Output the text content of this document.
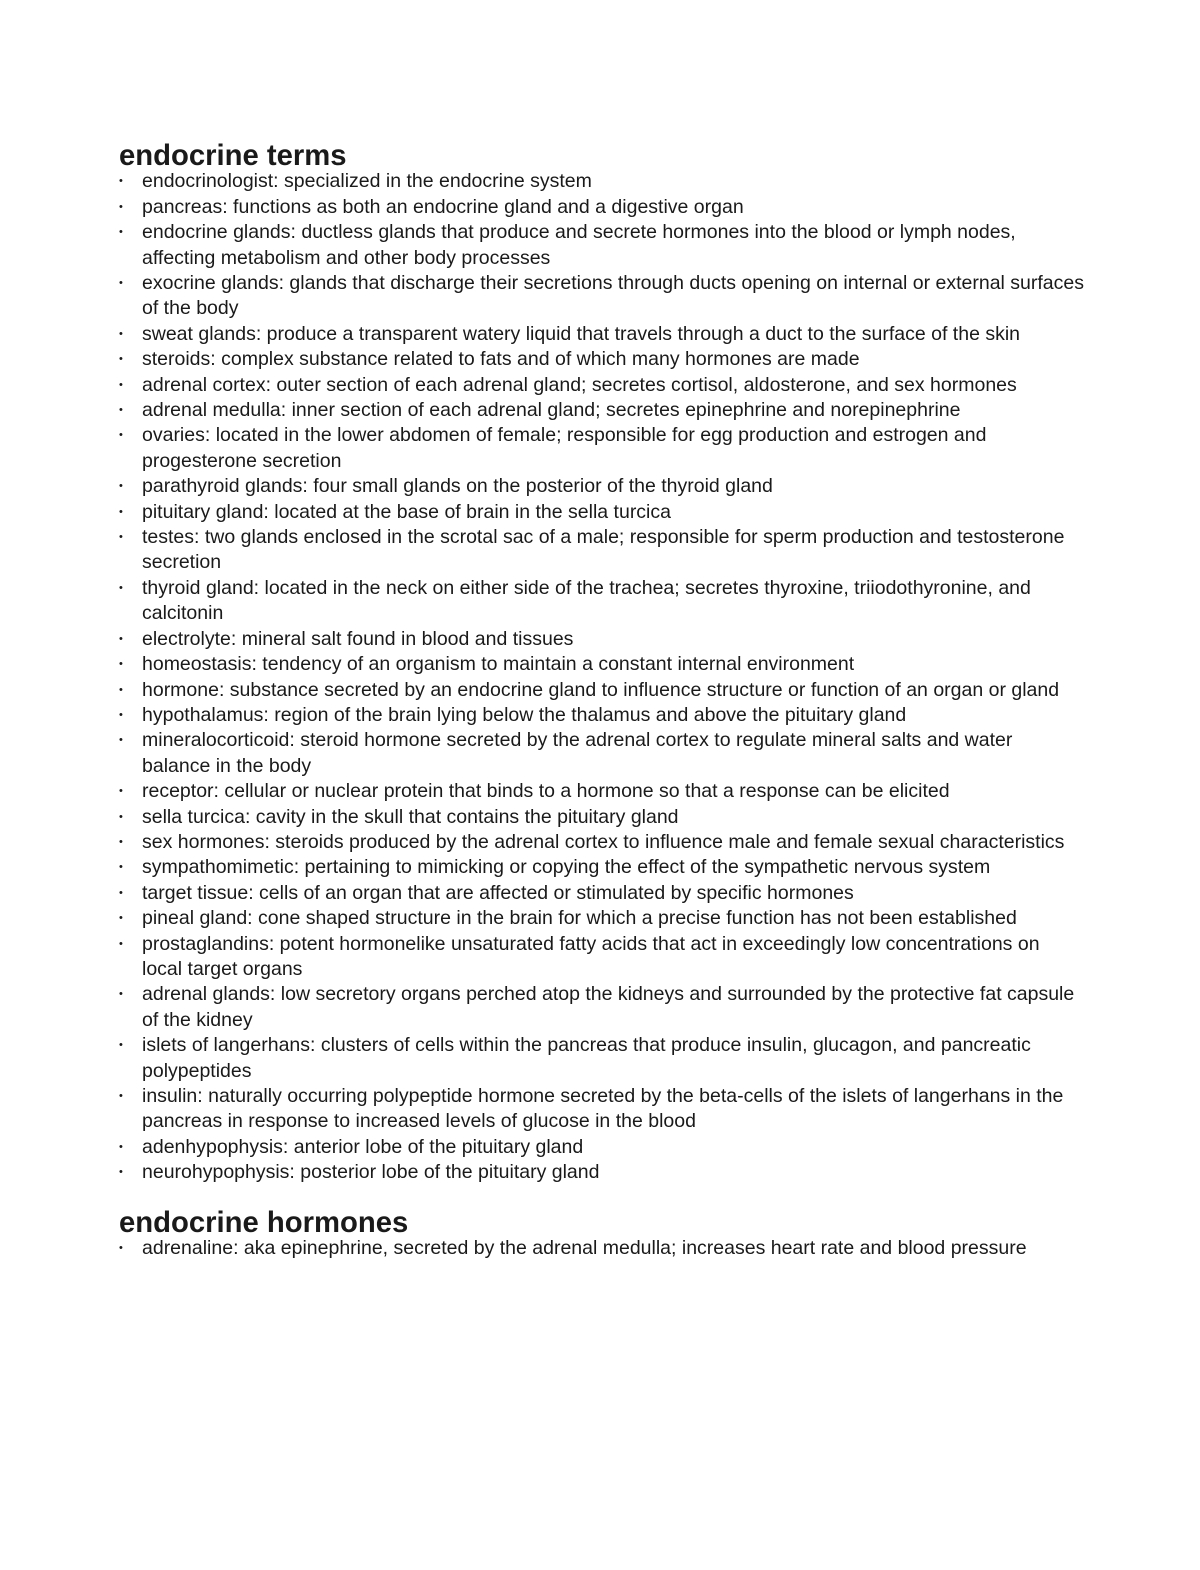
endocrine terms
• endocrinologist: specialized in the endocrine system
• pancreas: functions as both an endocrine gland and a digestive organ
• endocrine glands: ductless glands that produce and secrete hormones into the blood or lymph nodes, affecting metabolism and other body processes
• exocrine glands: glands that discharge their secretions through ducts opening on internal or external surfaces of the body
• sweat glands: produce a transparent watery liquid that travels through a duct to the surface of the skin
• steroids: complex substance related to fats and of which many hormones are made
• adrenal cortex: outer section of each adrenal gland; secretes cortisol, aldosterone, and sex hormones
• adrenal medulla: inner section of each adrenal gland; secretes epinephrine and norepinephrine
• ovaries: located in the lower abdomen of female; responsible for egg production and estrogen and progesterone secretion
• parathyroid glands: four small glands on the posterior of the thyroid gland
• pituitary gland: located at the base of brain in the sella turcica
• testes: two glands enclosed in the scrotal sac of a male; responsible for sperm production and testosterone secretion
• thyroid gland: located in the neck on either side of the trachea; secretes thyroxine, triiodothyronine, and calcitonin
• electrolyte: mineral salt found in blood and tissues
• homeostasis: tendency of an organism to maintain a constant internal environment
• hormone: substance secreted by an endocrine gland to influence structure or function of an organ or gland
• hypothalamus: region of the brain lying below the thalamus and above the pituitary gland
• mineralocorticoid: steroid hormone secreted by the adrenal cortex to regulate mineral salts and water balance in the body
• receptor: cellular or nuclear protein that binds to a hormone so that a response can be elicited
• sella turcica: cavity in the skull that contains the pituitary gland
• sex hormones: steroids produced by the adrenal cortex to influence male and female sexual characteristics
• sympathomimetic: pertaining to mimicking or copying the effect of the sympathetic nervous system
• target tissue: cells of an organ that are affected or stimulated by specific hormones
• pineal gland: cone shaped structure in the brain for which a precise function has not been established
• prostaglandins: potent hormonelike unsaturated fatty acids that act in exceedingly low concentrations on local target organs
• adrenal glands: low secretory organs perched atop the kidneys and surrounded by the protective fat capsule of the kidney
• islets of langerhans: clusters of cells within the pancreas that produce insulin, glucagon, and pancreatic polypeptides
• insulin: naturally occurring polypeptide hormone secreted by the beta-cells of the islets of langerhans in the pancreas in response to increased levels of glucose in the blood
• adenhypophysis: anterior lobe of the pituitary gland
• neurohypophysis: posterior lobe of the pituitary gland
endocrine hormones
• adrenaline: aka epinephrine, secreted by the adrenal medulla; increases heart rate and blood pressure
